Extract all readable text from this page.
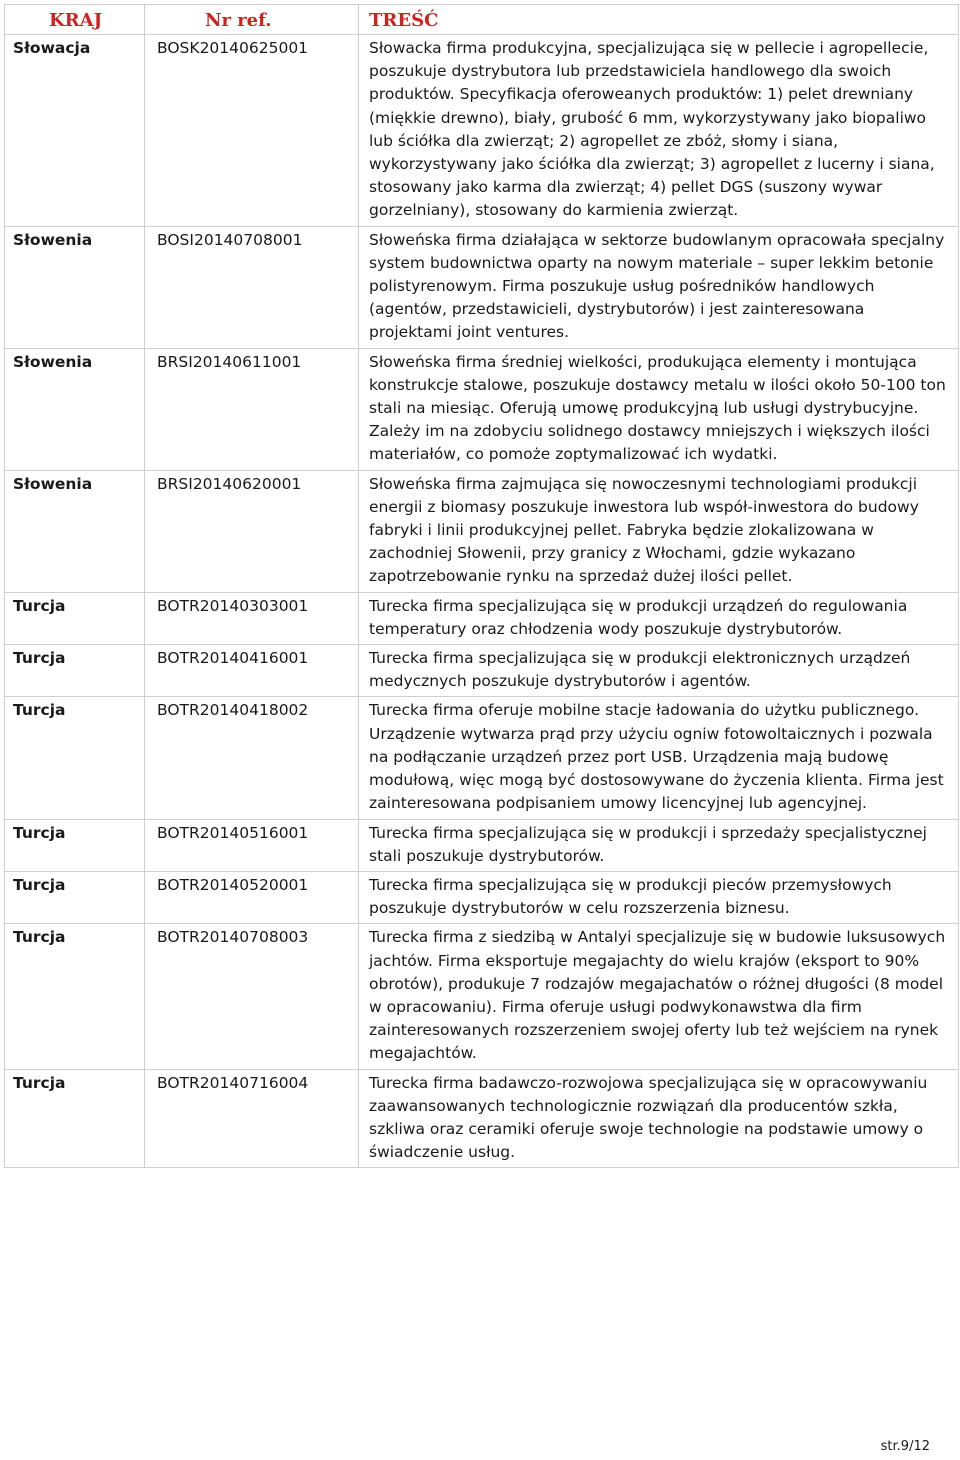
KRAJ	Nr ref.	TREŚĆ
Słowacja	BOSK20140625001	Słowacka firma produkcyjna, specjalizująca się w pellecie i agropellecie, poszukuje dystrybutora lub przedstawiciela handlowego dla swoich produktów. Specyfikacja oferoweanych produktów: 1) pelet drewniany (miękkie drewno), biały, grubość 6 mm, wykorzystywany jako biopaliwo lub ściółka dla zwierząt; 2) agropellet ze zbóż, słomy i siana, wykorzystywany jako ściółka dla zwierząt; 3) agropellet z lucerny i siana, stosowany jako karma dla zwierząt; 4) pellet DGS (suszony wywar gorzelniany), stosowany do karmienia zwierząt.
Słowenia	BOSI20140708001	Słoweńska firma działająca w sektorze budowlanym opracowała specjalny system budownictwa oparty na nowym materiale – super lekkim betonie polistyrenowym. Firma poszukuje usług pośredników handlowych (agentów, przedstawicieli, dystrybutorów) i jest zainteresowana projektami joint ventures.
Słowenia	BRSI20140611001	Słoweńska firma średniej wielkości, produkująca elementy i montująca konstrukcje stalowe, poszukuje dostawcy metalu w ilości około 50-100 ton stali na miesiąc. Oferują umowę produkcyjną lub usługi dystrybucyjne. Zależy im na zdobyciu solidnego dostawcy mniejszych i większych ilości materiałów, co pomoże zoptymalizować ich wydatki.
Słowenia	BRSI20140620001	Słoweńska firma zajmująca się nowoczesnymi technologiami produkcji energii z biomasy poszukuje inwestora lub współ-inwestora do budowy fabryki i linii produkcyjnej pellet. Fabryka będzie zlokalizowana w zachodniej Słowenii, przy granicy z Włochami, gdzie wykazano zapotrzebowanie rynku na sprzedaż dużej ilości pellet.
Turcja	BOTR20140303001	Turecka firma specjalizująca się w produkcji urządzeń do regulowania temperatury oraz chłodzenia wody poszukuje dystrybutorów.
Turcja	BOTR20140416001	Turecka firma specjalizująca się w produkcji elektronicznych urządzeń medycznych poszukuje dystrybutorów i agentów.
Turcja	BOTR20140418002	Turecka firma oferuje mobilne stacje ładowania do użytku publicznego. Urządzenie wytwarza prąd przy użyciu ogniw fotowoltaicznych i pozwala na podłączanie urządzeń przez port USB. Urządzenia mają budowę modułową, więc mogą być dostosowywane do życzenia klienta. Firma jest zainteresowana podpisaniem umowy licencyjnej lub agencyjnej.
Turcja	BOTR20140516001	Turecka firma specjalizująca się w produkcji i sprzedaży specjalistycznej stali poszukuje dystrybutorów.
Turcja	BOTR20140520001	Turecka firma specjalizująca się w produkcji pieców przemysłowych poszukuje dystrybutorów w celu rozszerzenia biznesu.
Turcja	BOTR20140708003	Turecka firma z siedzibą w Antalyi specjalizuje się w budowie luksusowych jachtów. Firma eksportuje megajachty do wielu krajów (eksport to 90% obrotów), produkuje 7 rodzajów megajachatów o różnej długości (8 model w opracowaniu). Firma oferuje usługi podwykonawstwa dla firm zainteresowanych rozszerzeniem swojej oferty lub też wejściem na rynek megajachtów.
Turcja	BOTR20140716004	Turecka firma badawczo-rozwojowa specjalizująca się w opracowywaniu zaawansowanych technologicznie rozwiązań dla producentów szkła, szkliwa oraz ceramiki oferuje swoje technologie na podstawie umowy o świadczenie usług.
str.9/12
